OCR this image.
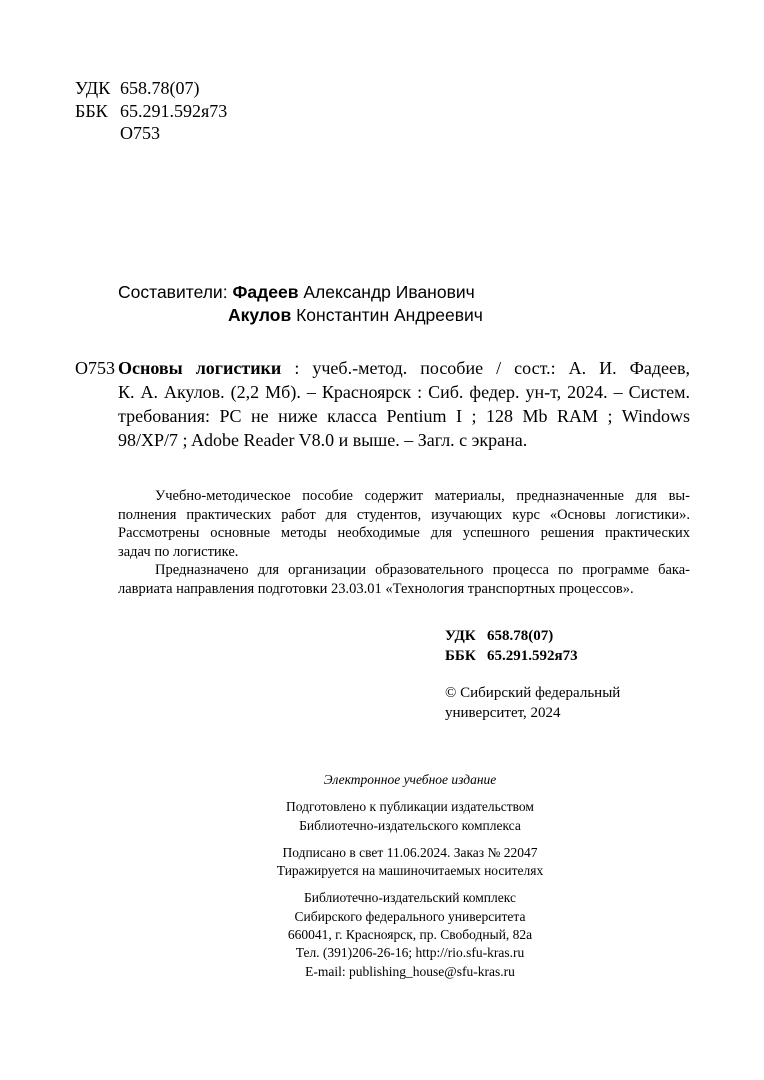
УДК 658.78(07)
ББК 65.291.592я73
О753
Составители: Фадеев Александр Иванович
Акулов Константин Андреевич
О753 Основы логистики : учеб.-метод. пособие / сост.: А. И. Фадеев,
К. А. Акулов. (2,2 Мб). – Красноярск : Сиб. федер. ун-т, 2024. – Систем.
требования: PC не ниже класса Pentium I ; 128 Mb RAM ; Windows
98/XP/7 ; Adobe Reader V8.0 и выше. – Загл. с экрана.
Учебно-методическое пособие содержит материалы, предназначенные для вы-
полнения практических работ для студентов, изучающих курс «Основы логистики».
Рассмотрены основные методы необходимые для успешного решения практических
задач по логистике.
Предназначено для организации образовательного процесса по программе бака-
лавриата направления подготовки 23.03.01 «Технология транспортных процессов».
УДК 658.78(07)
ББК 65.291.592я73
© Сибирский федеральный
университет, 2024
Электронное учебное издание
Подготовлено к публикации издательством
Библиотечно-издательского комплекса
Подписано в свет 11.06.2024. Заказ № 22047
Тиражируется на машиночитаемых носителях
Библиотечно-издательский комплекс
Сибирского федерального университета
660041, г. Красноярск, пр. Свободный, 82а
Тел. (391)206-26-16; http://rio.sfu-kras.ru
E-mail: publishing_house@sfu-kras.ru
